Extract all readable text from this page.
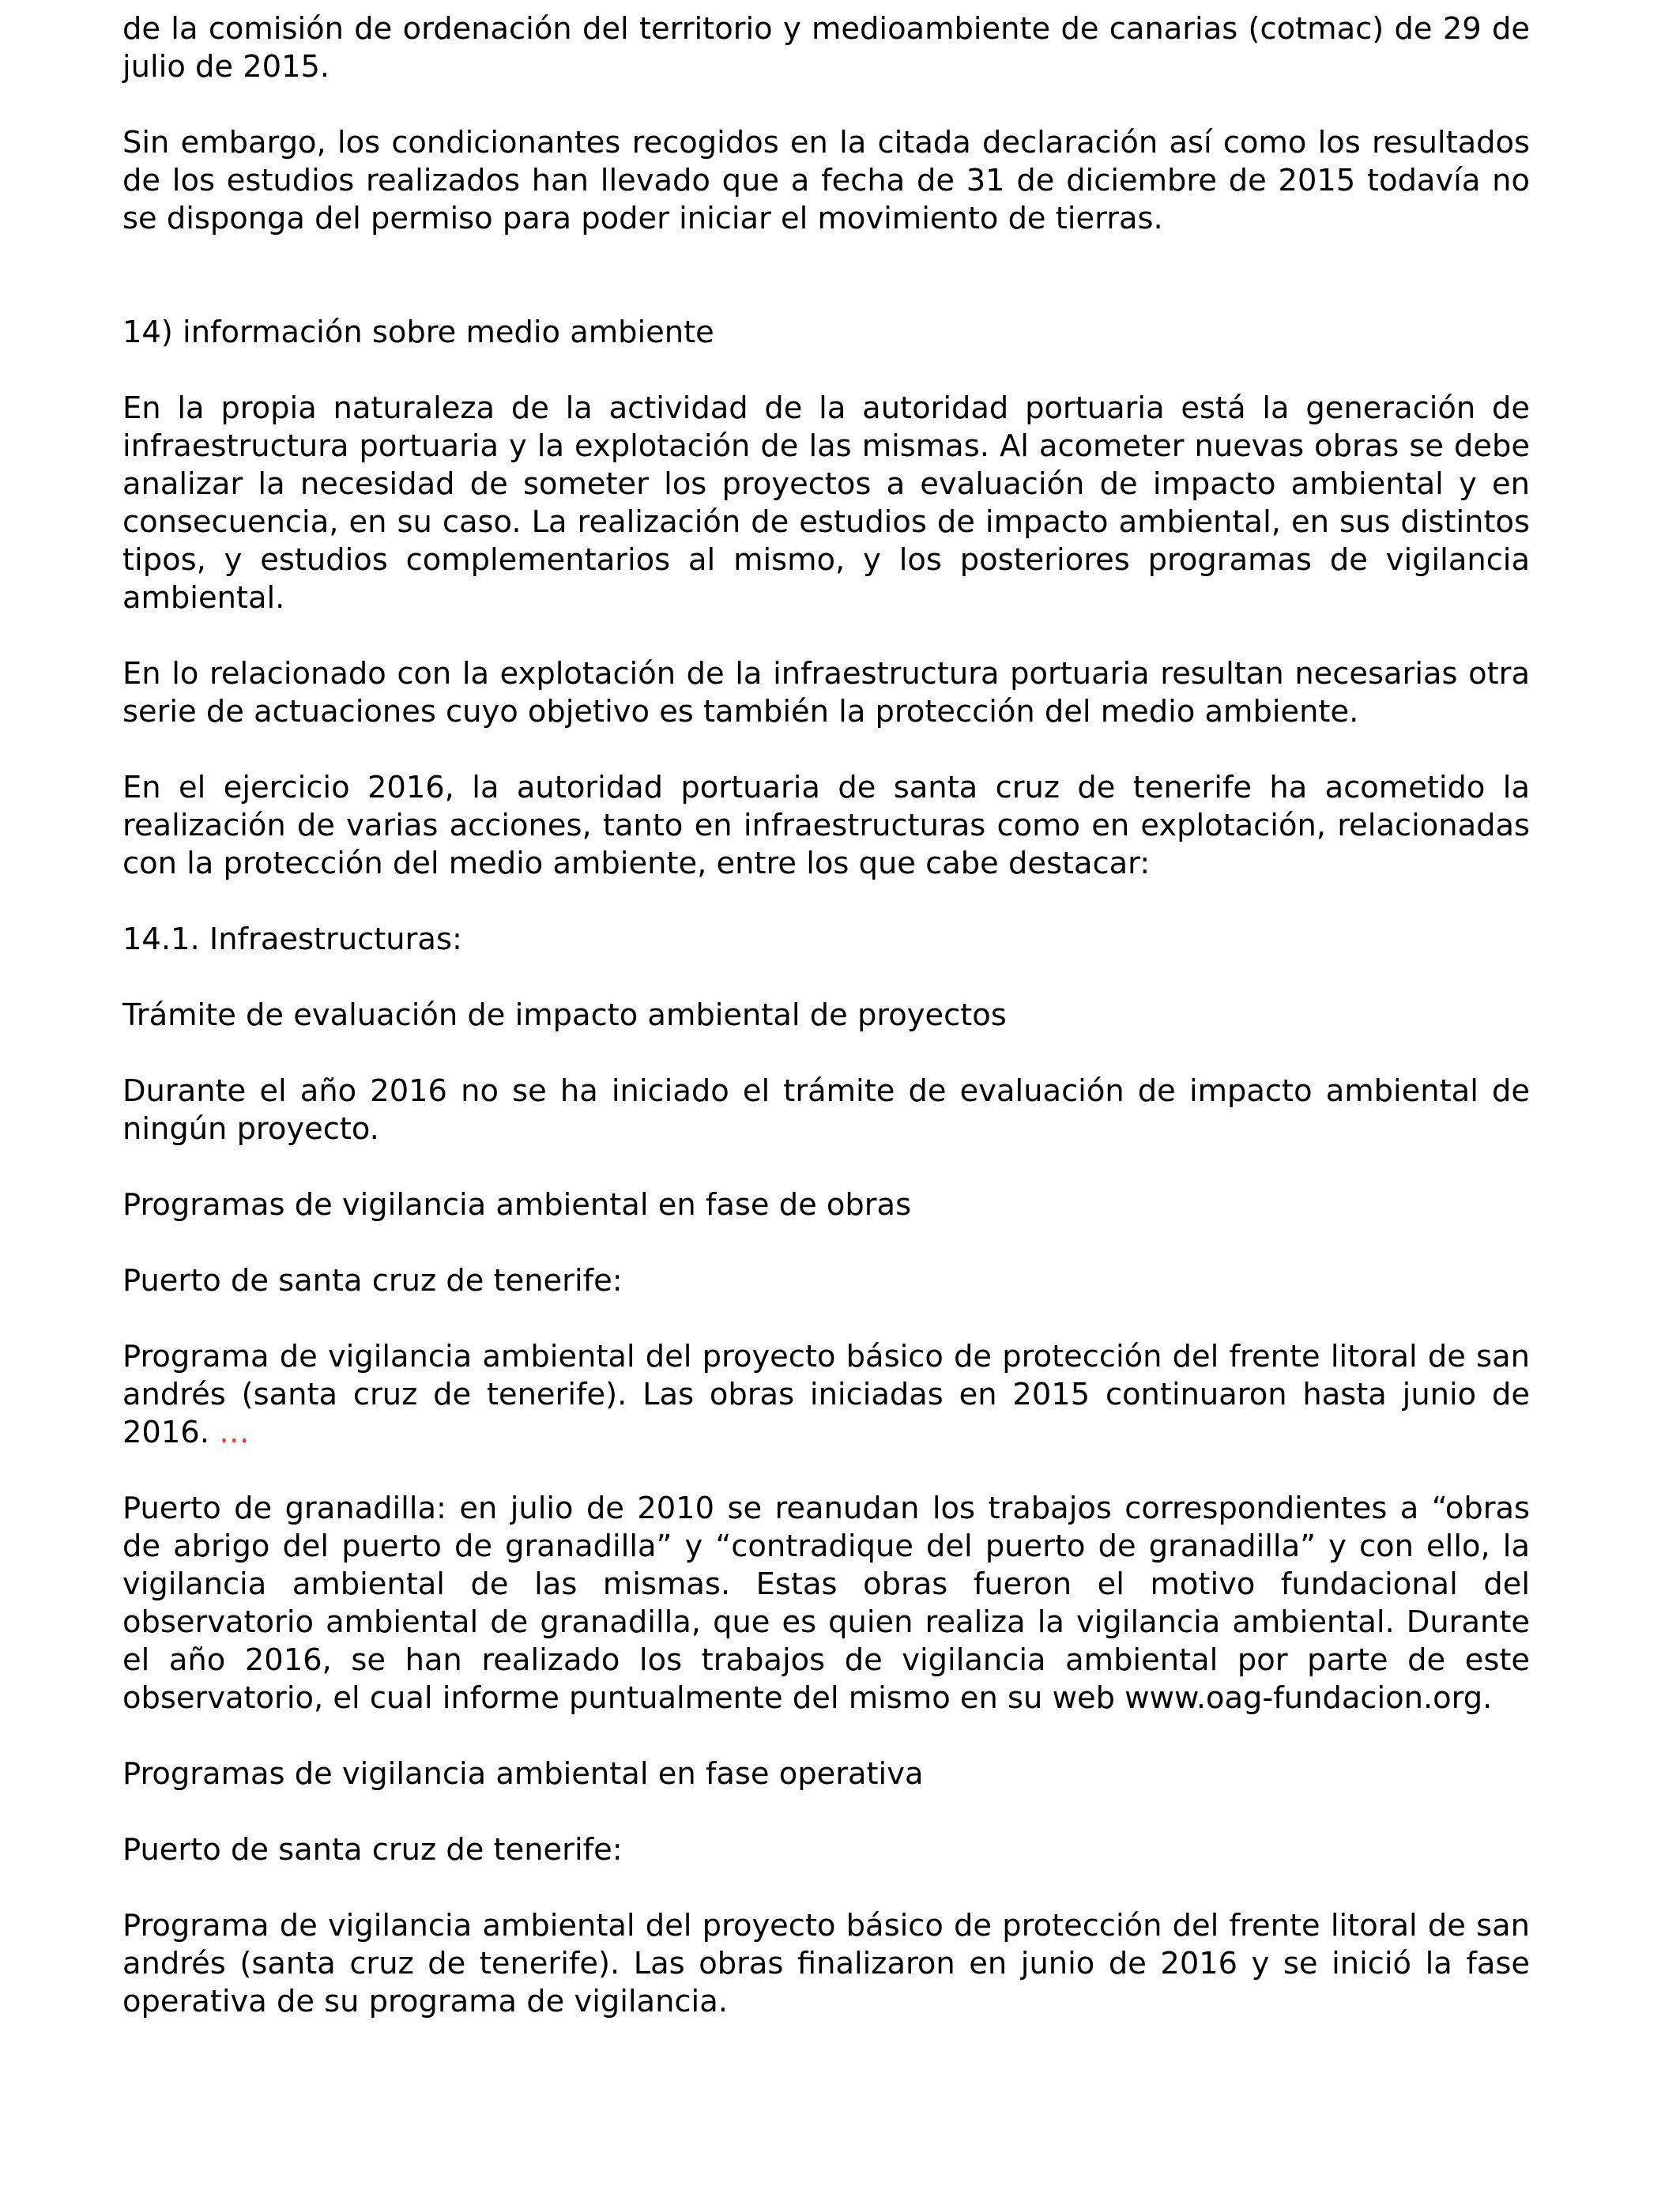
de la comisión de ordenación del territorio y medioambiente de canarias (cotmac) de 29 de julio de 2015.

Sin embargo, los condicionantes recogidos en la citada declaración así como los resultados de los estudios realizados han llevado que a fecha de 31 de diciembre de 2015 todavía no se disponga del permiso para poder iniciar el movimiento de tierras.

14) información sobre medio ambiente

En la propia naturaleza de la actividad de la autoridad portuaria está la generación de infraestructura portuaria y la explotación de las mismas. Al acometer nuevas obras se debe analizar la necesidad de someter los proyectos a evaluación de impacto ambiental y en consecuencia, en su caso. La realización de estudios de impacto ambiental, en sus distintos tipos, y estudios complementarios al mismo, y los posteriores programas de vigilancia ambiental.

En lo relacionado con la explotación de la infraestructura portuaria resultan necesarias otra serie de actuaciones cuyo objetivo es también la protección del medio ambiente.

En el ejercicio 2016, la autoridad portuaria de santa cruz de tenerife ha acometido la realización de varias acciones, tanto en infraestructuras como en explotación, relacionadas con la protección del medio ambiente, entre los que cabe destacar:

14.1. Infraestructuras:

Trámite de evaluación de impacto ambiental de proyectos

Durante el año 2016 no se ha iniciado el trámite de evaluación de impacto ambiental de ningún proyecto.

Programas de vigilancia ambiental en fase de obras

Puerto de santa cruz de tenerife:

Programa de vigilancia ambiental del proyecto básico de protección del frente litoral de san andrés (santa cruz de tenerife). Las obras iniciadas en 2015 continuaron hasta junio de 2016. …

Puerto de granadilla: en julio de 2010 se reanudan los trabajos correspondientes a “obras de abrigo del puerto de granadilla” y “contradique del puerto de granadilla” y con ello, la vigilancia ambiental de las mismas. Estas obras fueron el motivo fundacional del observatorio ambiental de granadilla, que es quien realiza la vigilancia ambiental. Durante el año 2016, se han realizado los trabajos de vigilancia ambiental por parte de este observatorio, el cual informe puntualmente del mismo en su web www.oag-fundacion.org.

Programas de vigilancia ambiental en fase operativa

Puerto de santa cruz de tenerife:

Programa de vigilancia ambiental del proyecto básico de protección del frente litoral de san andrés (santa cruz de tenerife). Las obras finalizaron en junio de 2016 y se inició la fase operativa de su programa de vigilancia.
